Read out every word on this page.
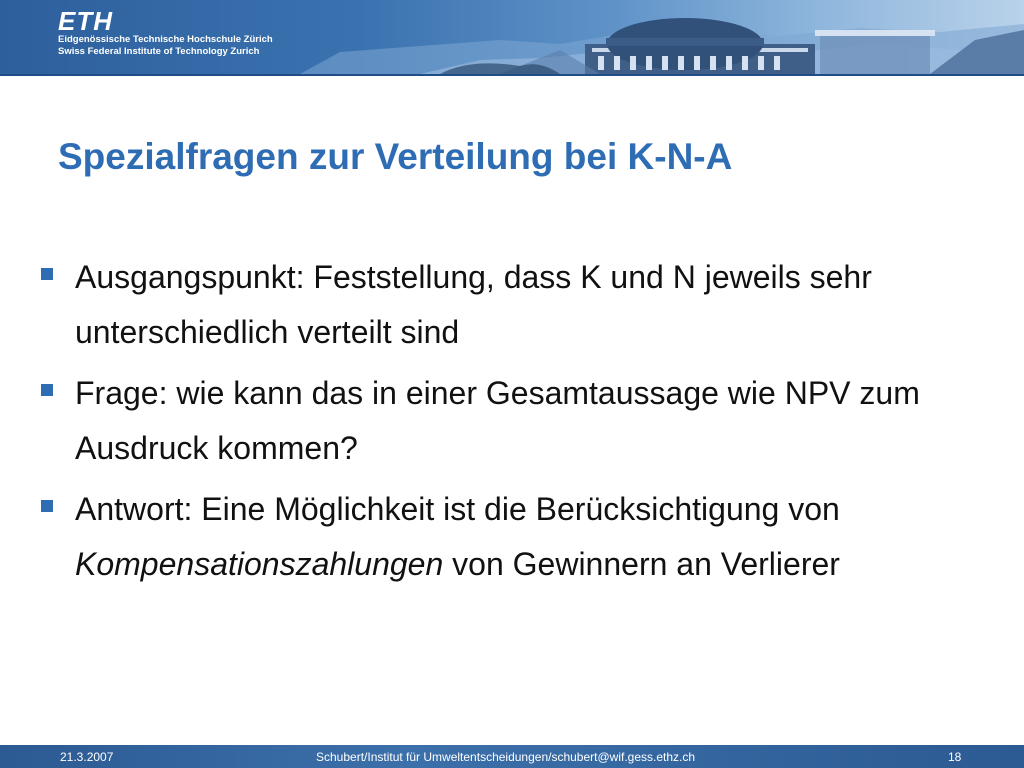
ETH
Eidgenössische Technische Hochschule Zürich
Swiss Federal Institute of Technology Zurich
Spezialfragen zur Verteilung bei K-N-A
Ausgangspunkt: Feststellung, dass K und N jeweils sehr unterschiedlich verteilt sind
Frage: wie kann das in einer Gesamtaussage wie NPV zum Ausdruck kommen?
Antwort: Eine Möglichkeit ist die Berücksichtigung von Kompensationszahlungen von Gewinnern an Verlierer
21.3.2007	Schubert/Institut für Umweltentscheidungen/schubert@wif.gess.ethz.ch	18
